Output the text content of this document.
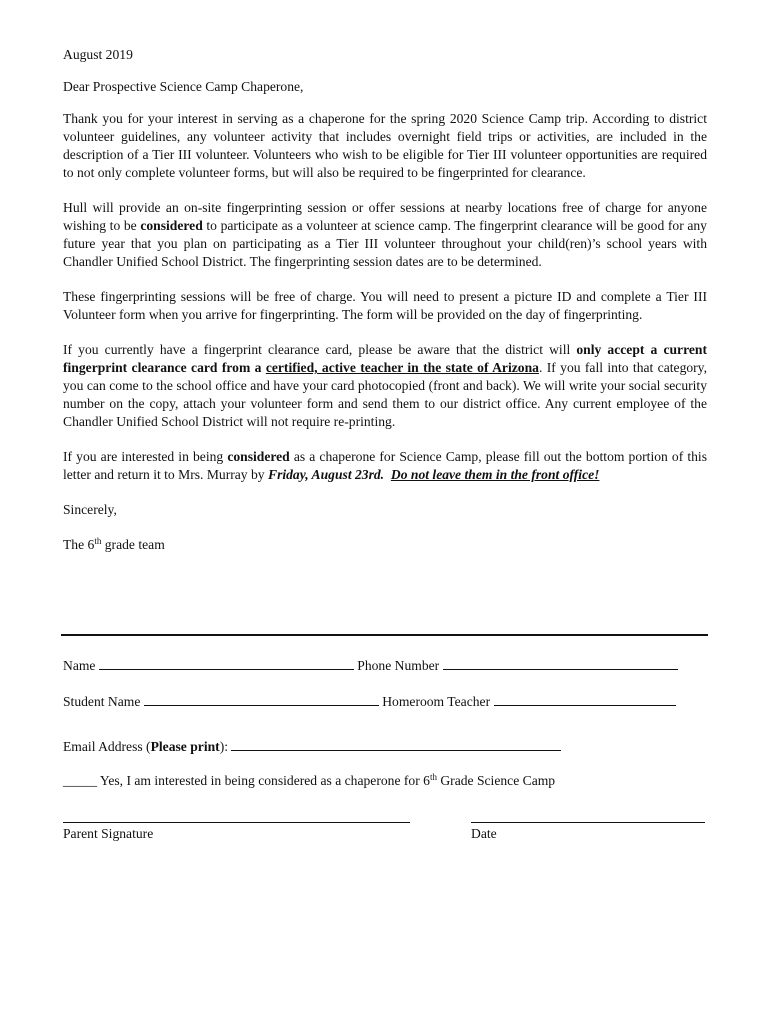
August 2019

Dear Prospective Science Camp Chaperone,

Thank you for your interest in serving as a chaperone for the spring 2020 Science Camp trip. According to district volunteer guidelines, any volunteer activity that includes overnight field trips or activities, are included in the description of a Tier III volunteer. Volunteers who wish to be eligible for Tier III volunteer opportunities are required to not only complete volunteer forms, but will also be required to be fingerprinted for clearance.

Hull will provide an on-site fingerprinting session or offer sessions at nearby locations free of charge for anyone wishing to be considered to participate as a volunteer at science camp. The fingerprint clearance will be good for any future year that you plan on participating as a Tier III volunteer throughout your child(ren)’s school years with Chandler Unified School District. The fingerprinting session dates are to be determined.

These fingerprinting sessions will be free of charge. You will need to present a picture ID and complete a Tier III Volunteer form when you arrive for fingerprinting. The form will be provided on the day of fingerprinting.

If you currently have a fingerprint clearance card, please be aware that the district will only accept a current fingerprint clearance card from a certified, active teacher in the state of Arizona. If you fall into that category, you can come to the school office and have your card photocopied (front and back). We will write your social security number on the copy, attach your volunteer form and send them to our district office. Any current employee of the Chandler Unified School District will not require re-printing.

If you are interested in being considered as a chaperone for Science Camp, please fill out the bottom portion of this letter and return it to Mrs. Murray by Friday, August 23rd. Do not leave them in the front office!

Sincerely,

The 6th grade team

Name	Phone Number
Student Name	Homeroom Teacher
Email Address (Please print):
_____ Yes, I am interested in being considered as a chaperone for 6th Grade Science Camp
Parent Signature	Date
